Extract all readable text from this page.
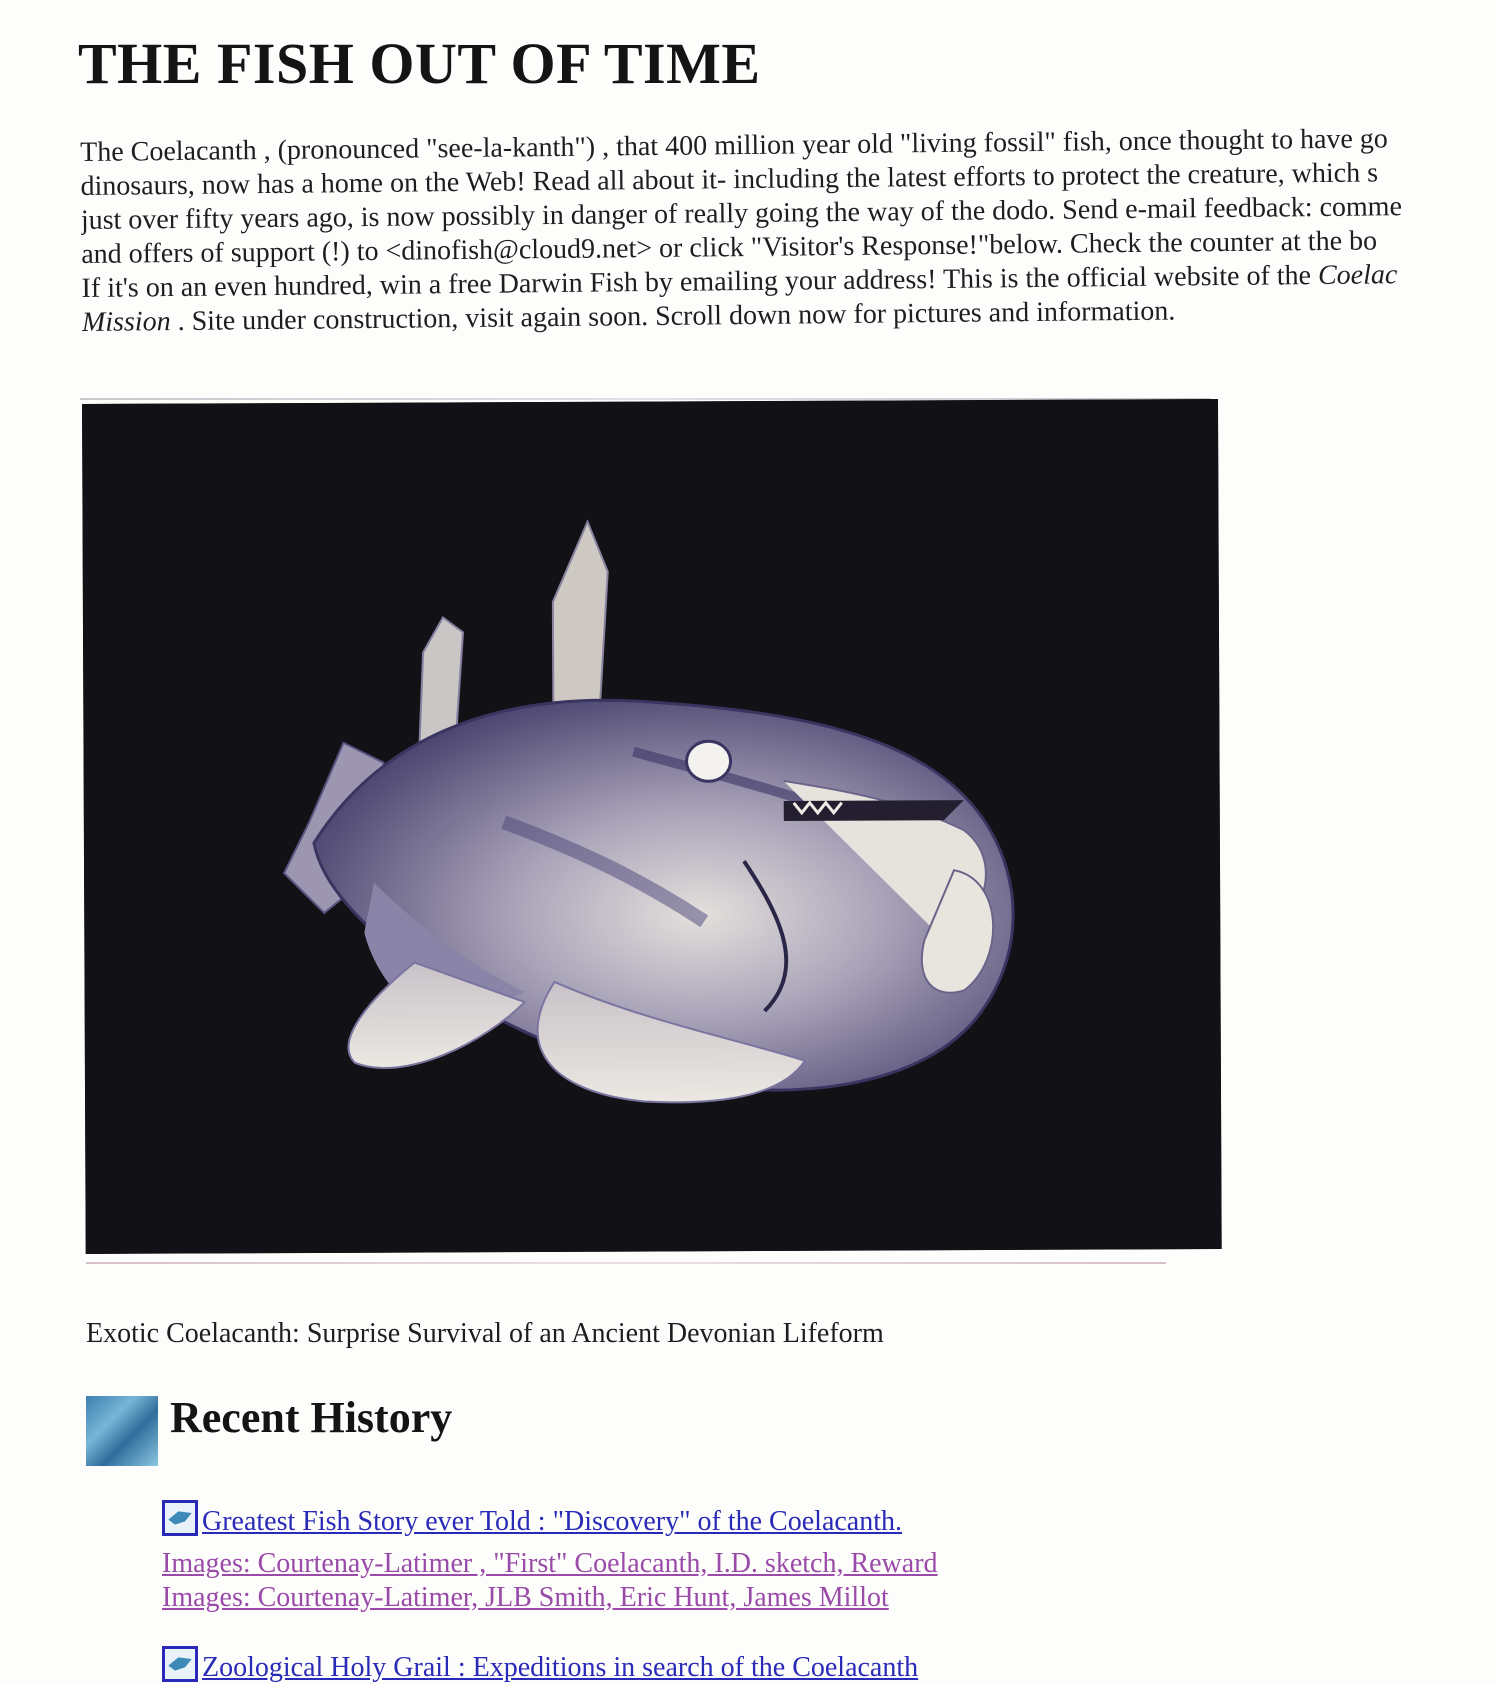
THE FISH OUT OF TIME
The Coelacanth , (pronounced "see-la-kanth") , that 400 million year old "living fossil" fish, once thought to have go
dinosaurs, now has a home on the Web! Read all about it- including the latest efforts to protect the creature, which s
just over fifty years ago, is now possibly in danger of really going the way of the dodo. Send e-mail feedback: comme
and offers of support (!) to <dinofish@cloud9.net> or click "Visitor's Response!"below. Check the counter at the bo
If it's on an even hundred, win a free Darwin Fish by emailing your address! This is the official website of the Coelac
Mission . Site under construction, visit again soon. Scroll down now for pictures and information.
Exotic Coelacanth: Surprise Survival of an Ancient Devonian Lifeform
Recent History
Greatest Fish Story ever Told : "Discovery" of the Coelacanth.
Images: Courtenay-Latimer , "First" Coelacanth, I.D. sketch, Reward
Images: Courtenay-Latimer, JLB Smith, Eric Hunt, James Millot
Zoological Holy Grail : Expeditions in search of the Coelacanth
